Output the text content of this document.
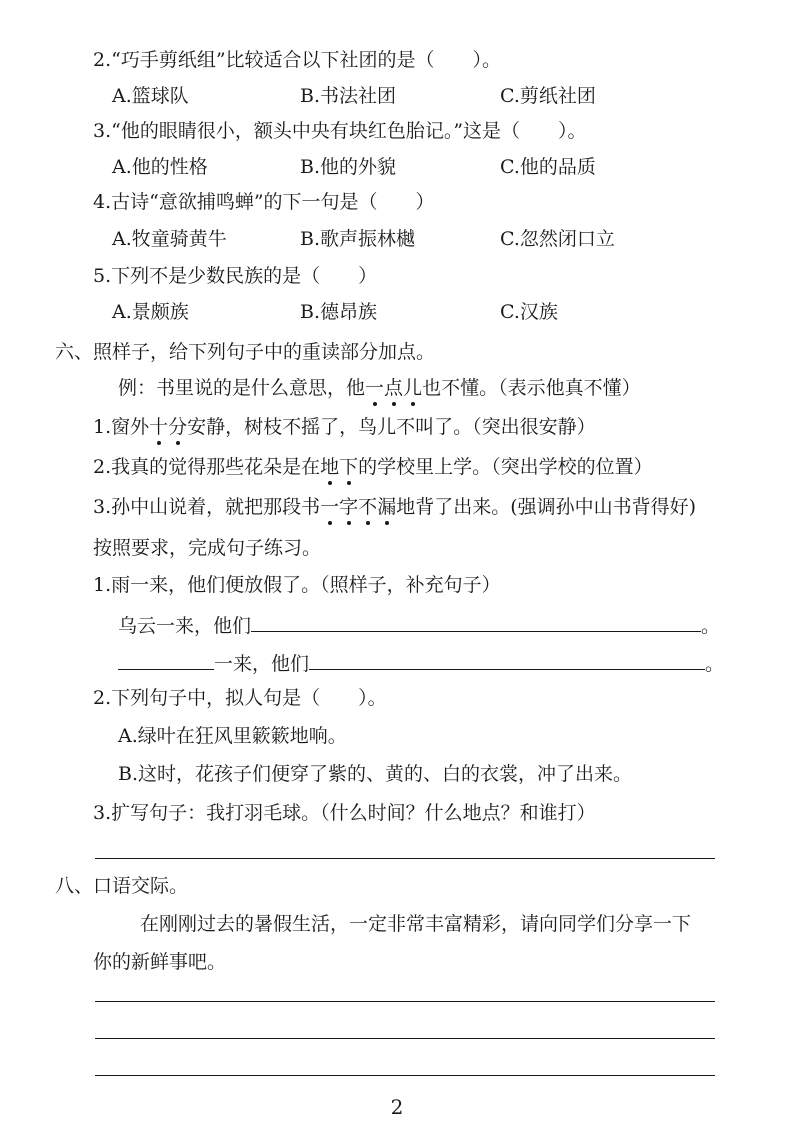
2.“巧手剪纸组”比较适合以下社团的是（　　）。
A.篮球队	B.书法社团	C.剪纸社团
3.“他的眼睛很小，额头中央有块红色胎记。”这是（　　）。
A.他的性格	B.他的外貌	C.他的品质
4.古诗“意欲捕鸣蝉”的下一句是（　　）
A.牧童骑黄牛	B.歌声振林樾	C.忽然闭口立
5.下列不是少数民族的是（　　）
A.景颇族	B.德昂族	C.汉族
六、照样子，给下列句子中的重读部分加点。
例：书里说的是什么意思，他一点儿也不懂。（表示他真不懂）
1.窗外十分安静，树枝不摇了，鸟儿不叫了。（突出很安静）
2.我真的觉得那些花朵是在地下的学校里上学。（突出学校的位置）
3.孙中山说着，就把那段书一字不漏地背了出来。(强调孙中山书背得好)
按照要求，完成句子练习。
1.雨一来，他们便放假了。（照样子，补充句子）
乌云一来，他们	。
一来，他们	。
2.下列句子中，拟人句是（　　）。
A.绿叶在狂风里簌簌地响。
B.这时，花孩子们便穿了紫的、黄的、白的衣裳，冲了出来。
3.扩写句子：我打羽毛球。（什么时间？什么地点？和谁打）
八、口语交际。
在刚刚过去的暑假生活，一定非常丰富精彩，请向同学们分享一下
你的新鲜事吧。
2
